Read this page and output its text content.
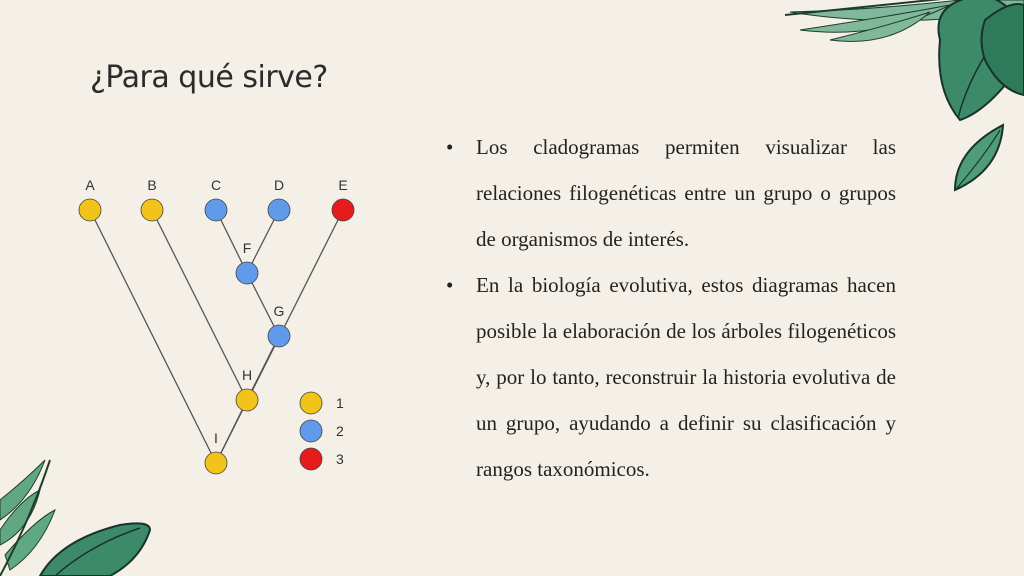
¿Para qué sirve?
• Los cladogramas permiten visualizar las relaciones filogenéticas entre un grupo o grupos de organismos de interés.
• En la biología evolutiva, estos diagramas hacen posible la elaboración de los árboles filogenéticos y, por lo tanto, reconstruir la historia evolutiva de un grupo, ayudando a definir su clasificación y rangos taxonómicos.
A	B	C	D	E
F
G
H
I
1
2
3
